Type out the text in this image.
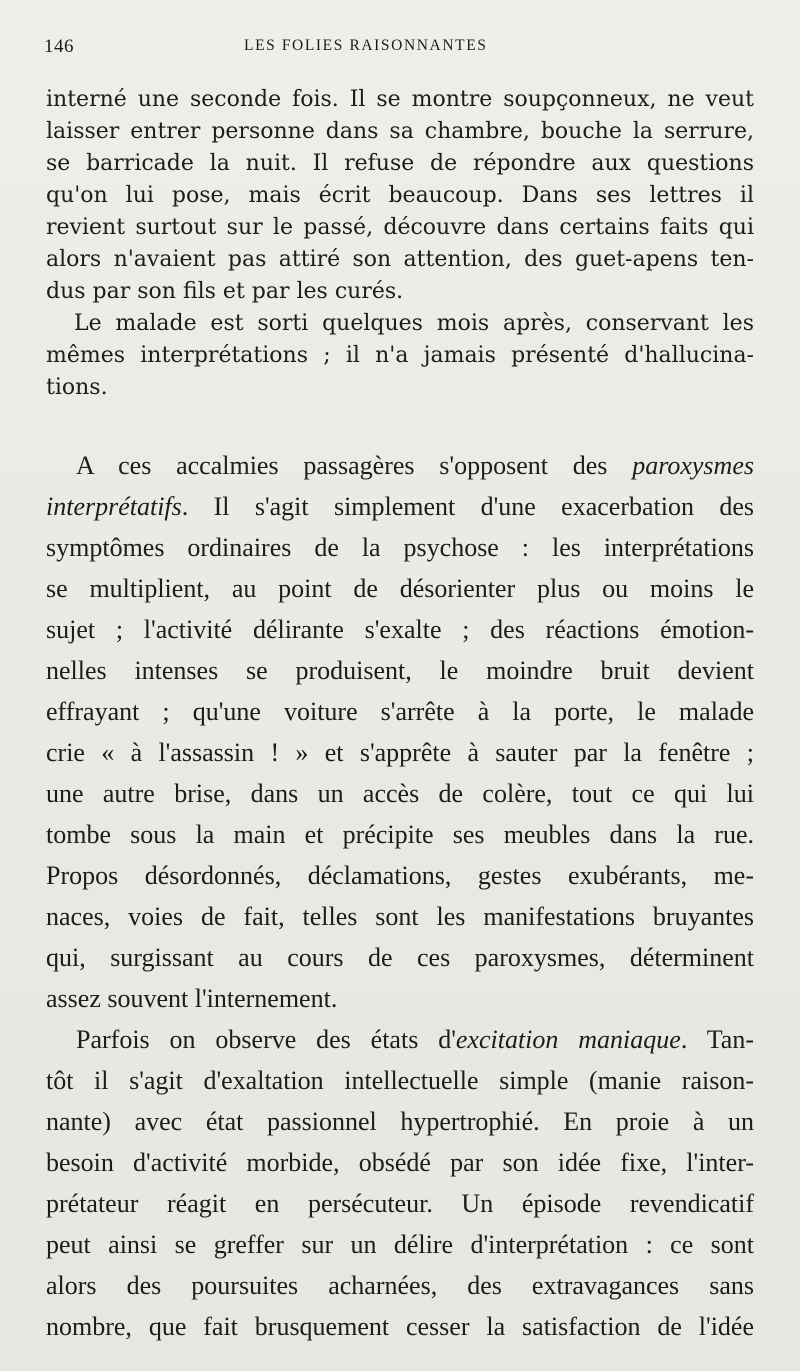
146	LES FOLIES RAISONNANTES
interné une seconde fois. Il se montre soupçonneux, ne veut
laisser entrer personne dans sa chambre, bouche la serrure,
se barricade la nuit. Il refuse de répondre aux questions
qu'on lui pose, mais écrit beaucoup. Dans ses lettres il
revient surtout sur le passé, découvre dans certains faits qui
alors n'avaient pas attiré son attention, des guet-apens ten-
dus par son fils et par les curés.
Le malade est sorti quelques mois après, conservant les
mêmes interprétations ; il n'a jamais présenté d'hallucina-
tions.
A ces accalmies passagères s'opposent des paroxysmes
interprétatifs. Il s'agit simplement d'une exacerbation des
symptômes ordinaires de la psychose : les interprétations
se multiplient, au point de désorienter plus ou moins le
sujet ; l'activité délirante s'exalte ; des réactions émotion-
nelles intenses se produisent, le moindre bruit devient
effrayant ; qu'une voiture s'arrête à la porte, le malade
crie « à l'assassin ! » et s'apprête à sauter par la fenêtre ;
une autre brise, dans un accès de colère, tout ce qui lui
tombe sous la main et précipite ses meubles dans la rue.
Propos désordonnés, déclamations, gestes exubérants, me-
naces, voies de fait, telles sont les manifestations bruyantes
qui, surgissant au cours de ces paroxysmes, déterminent
assez souvent l'internement.
Parfois on observe des états d'excitation maniaque. Tan-
tôt il s'agit d'exaltation intellectuelle simple (manie raison-
nante) avec état passionnel hypertrophié. En proie à un
besoin d'activité morbide, obsédé par son idée fixe, l'inter-
prétateur réagit en persécuteur. Un épisode revendicatif
peut ainsi se greffer sur un délire d'interprétation : ce sont
alors des poursuites acharnées, des extravagances sans
nombre, que fait brusquement cesser la satisfaction de l'idée
